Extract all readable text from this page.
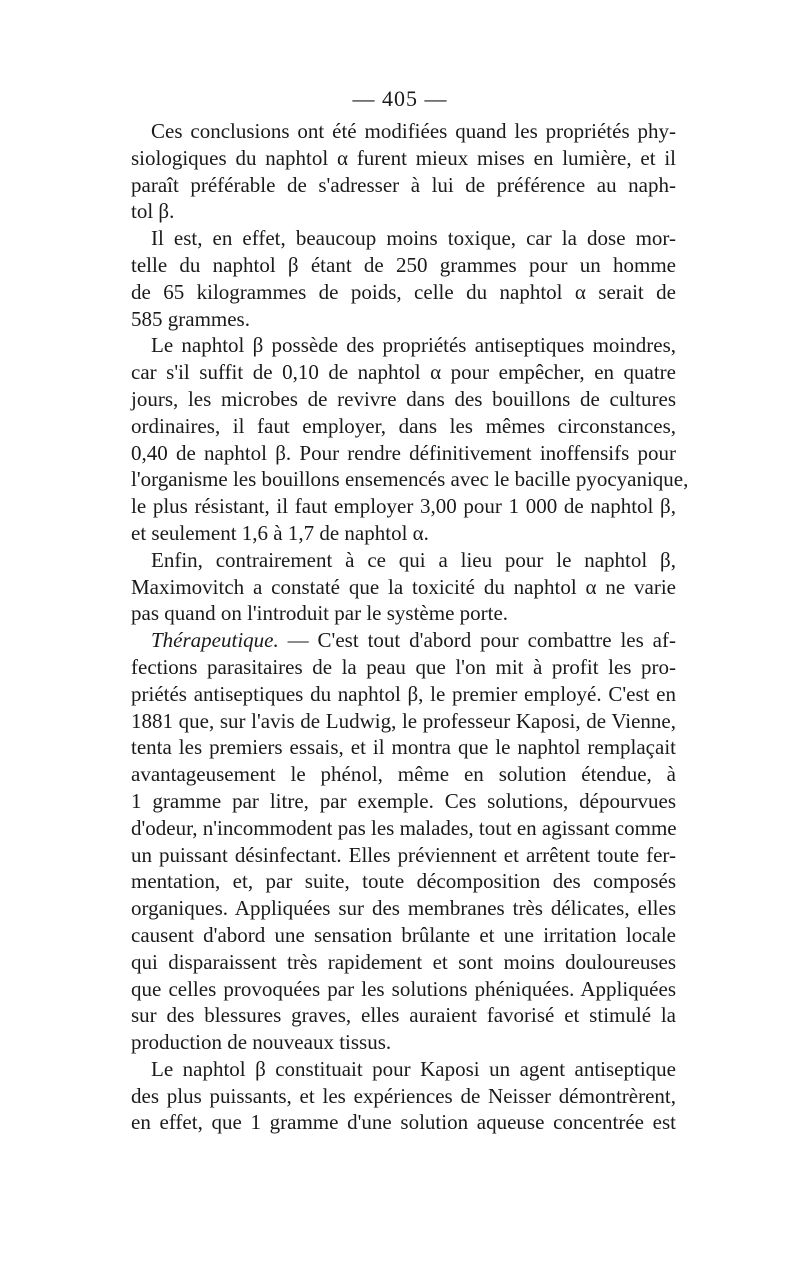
— 405 —
Ces conclusions ont été modifiées quand les propriétés phy-
siologiques du naphtol α furent mieux mises en lumière, et il
paraît préférable de s'adresser à lui de préférence au naph-
tol β.
Il est, en effet, beaucoup moins toxique, car la dose mor-
telle du naphtol β étant de 250 grammes pour un homme
de 65 kilogrammes de poids, celle du naphtol α serait de
585 grammes.
Le naphtol β possède des propriétés antiseptiques moindres,
car s'il suffit de 0,10 de naphtol α pour empêcher, en quatre
jours, les microbes de revivre dans des bouillons de cultures
ordinaires, il faut employer, dans les mêmes circonstances,
0,40 de naphtol β. Pour rendre définitivement inoffensifs pour
l'organisme les bouillons ensemencés avec le bacille pyocyanique,
le plus résistant, il faut employer 3,00 pour 1 000 de naphtol β,
et seulement 1,6 à 1,7 de naphtol α.
Enfin, contrairement à ce qui a lieu pour le naphtol β,
Maximovitch a constaté que la toxicité du naphtol α ne varie
pas quand on l'introduit par le système porte.
Thérapeutique. — C'est tout d'abord pour combattre les af-
fections parasitaires de la peau que l'on mit à profit les pro-
priétés antiseptiques du naphtol β, le premier employé. C'est en
1881 que, sur l'avis de Ludwig, le professeur Kaposi, de Vienne,
tenta les premiers essais, et il montra que le naphtol remplaçait
avantageusement le phénol, même en solution étendue, à
1 gramme par litre, par exemple. Ces solutions, dépourvues
d'odeur, n'incommodent pas les malades, tout en agissant comme
un puissant désinfectant. Elles préviennent et arrêtent toute fer-
mentation, et, par suite, toute décomposition des composés
organiques. Appliquées sur des membranes très délicates, elles
causent d'abord une sensation brûlante et une irritation locale
qui disparaissent très rapidement et sont moins douloureuses
que celles provoquées par les solutions phéniquées. Appliquées
sur des blessures graves, elles auraient favorisé et stimulé la
production de nouveaux tissus.
Le naphtol β constituait pour Kaposi un agent antiseptique
des plus puissants, et les expériences de Neisser démontrèrent,
en effet, que 1 gramme d'une solution aqueuse concentrée est
